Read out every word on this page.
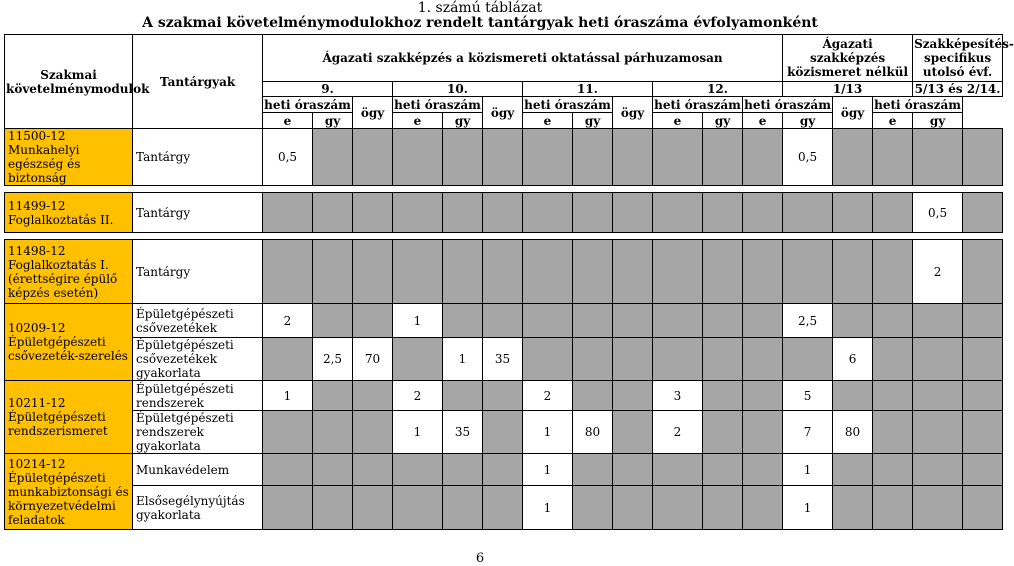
1. számú táblázat
A szakmai követelménymodulokhoz rendelt tantárgyak heti óraszáma évfolyamonként
Szakmai követelménymodulok	Tantárgyak	Ágazati szakképzés a közismereti oktatással párhuzamosan												Ágazati szakképzés közismeret nélkül			Szakképesítés-specifikus utolsó évf.	
		9.			10.			11.			12.			1/13			5/13 és 2/14.	
		heti óraszám		ögy	heti óraszám		ögy	heti óraszám		ögy	heti óraszám		heti óraszám		ögy	heti óraszám		
		e	gy		e	gy		e	gy		e	gy	e	gy		e	gy	
11500-12 Munkahelyi egészség és biztonság	Tantárgy	0,5												0,5				

11499-12 Foglalkoztatás II.	Tantárgy																0,5	

11498-12 Foglalkoztatás I. (érettségire épülő képzés esetén)	Tantárgy																2	
10209-12 Épületgépészeti csővezeték-szerelés	Épületgépészeti csővezetékek	2			1									2,5				
	Épületgépészeti csővezetékek gyakorlata		2,5	70		1	35								6			
10211-12 Épületgépészeti rendszerismeret	Épületgépészeti rendszerek	1			2			2			3			5				
	Épületgépészeti rendszerek gyakorlata				1	35		1	80		2			7	80			
10214-12 Épületgépészeti munkabiztonsági és környezetvédelmi feladatok	Munkavédelem							1						1				
	Elsősegélynyújtás gyakorlata							1						1				
6
